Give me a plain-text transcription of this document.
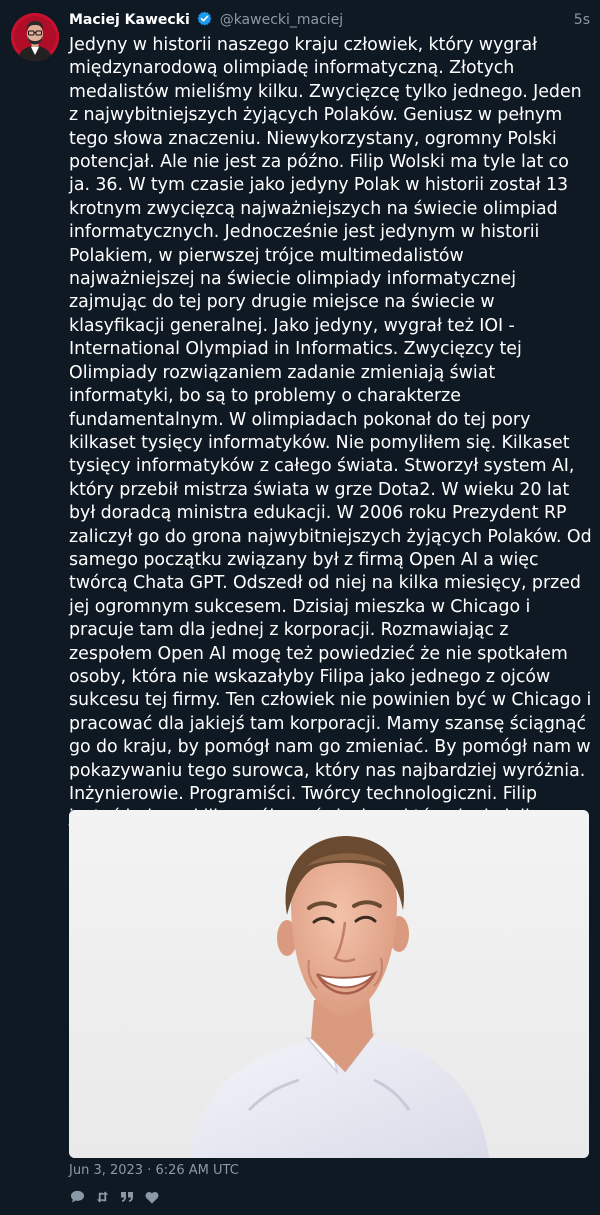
Maciej Kawecki @kawecki_maciej	5s

Jedyny w historii naszego kraju człowiek, który wygrał międzynarodową olimpiadę informatyczną. Złotych medalistów mieliśmy kilku. Zwycięzcę tylko jednego. Jeden z najwybitniejszych żyjących Polaków. Geniusz w pełnym tego słowa znaczeniu. Niewykorzystany, ogromny Polski potencjał. Ale nie jest za późno. Filip Wolski ma tyle lat co ja. 36. W tym czasie jako jedyny Polak w historii został 13 krotnym zwycięzcą najważniejszych na świecie olimpiad informatycznych. Jednocześnie jest jedynym w historii Polakiem, w pierwszej trójce multimedalistów najważniejszej na świecie olimpiady informatycznej zajmując do tej pory drugie miejsce na świecie w klasyfikacji generalnej. Jako jedyny, wygrał też IOI - International Olympiad in Informatics. Zwycięzcy tej Olimpiady rozwiązaniem zadanie zmieniają świat informatyki, bo są to problemy o charakterze fundamentalnym. W olimpiadach pokonał do tej pory kilkaset tysięcy informatyków. Nie pomyliłem się. Kilkaset tysięcy informatyków z całego świata. Stworzył system AI, który przebił mistrza świata w grze Dota2. W wieku 20 lat był doradcą ministra edukacji. W 2006 roku Prezydent RP zaliczył go do grona najwybitniejszych żyjących Polaków. Od samego początku związany był z firmą Open AI a więc twórcą Chata GPT. Odszedł od niej na kilka miesięcy, przed jej ogromnym sukcesem. Dzisiaj mieszka w Chicago i pracuje tam dla jednej z korporacji. Rozmawiając z zespołem Open AI mogę też powiedzieć że nie spotkałem osoby, która nie wskazałyby Filipa jako jednego z ojców sukcesu tej firmy. Ten człowiek nie powinien być w Chicago i pracować dla jakiejś tam korporacji. Mamy szansę ściągnąć go do kraju, by pomógł nam go zmieniać. By pomógł nam w pokazywaniu tego surowca, który nas najbardziej wyróżnia. Inżynierowie. Programiści. Twórcy technologiczni. Filip

Jun 3, 2023 · 6:26 AM UTC
